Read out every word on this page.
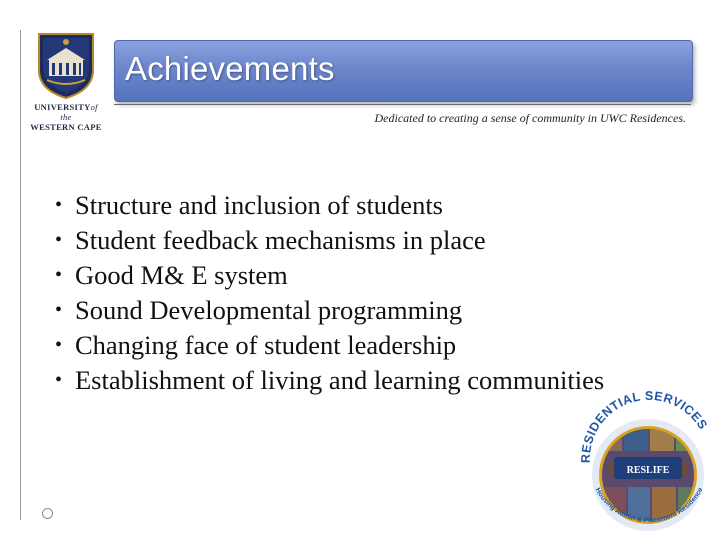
UNIVERSITYof the
WESTERN CAPE
Achievements
Dedicated to creating a sense of community in UWC Residences.
• Structure and inclusion of students
• Student feedback mechanisms in place
• Good M& E system
• Sound Developmental programming
• Changing face of student leadership
• Establishment of living and learning communities
RESLIFE
RESIDENTIAL SERVICES
Housing Admin & Placement Residence
